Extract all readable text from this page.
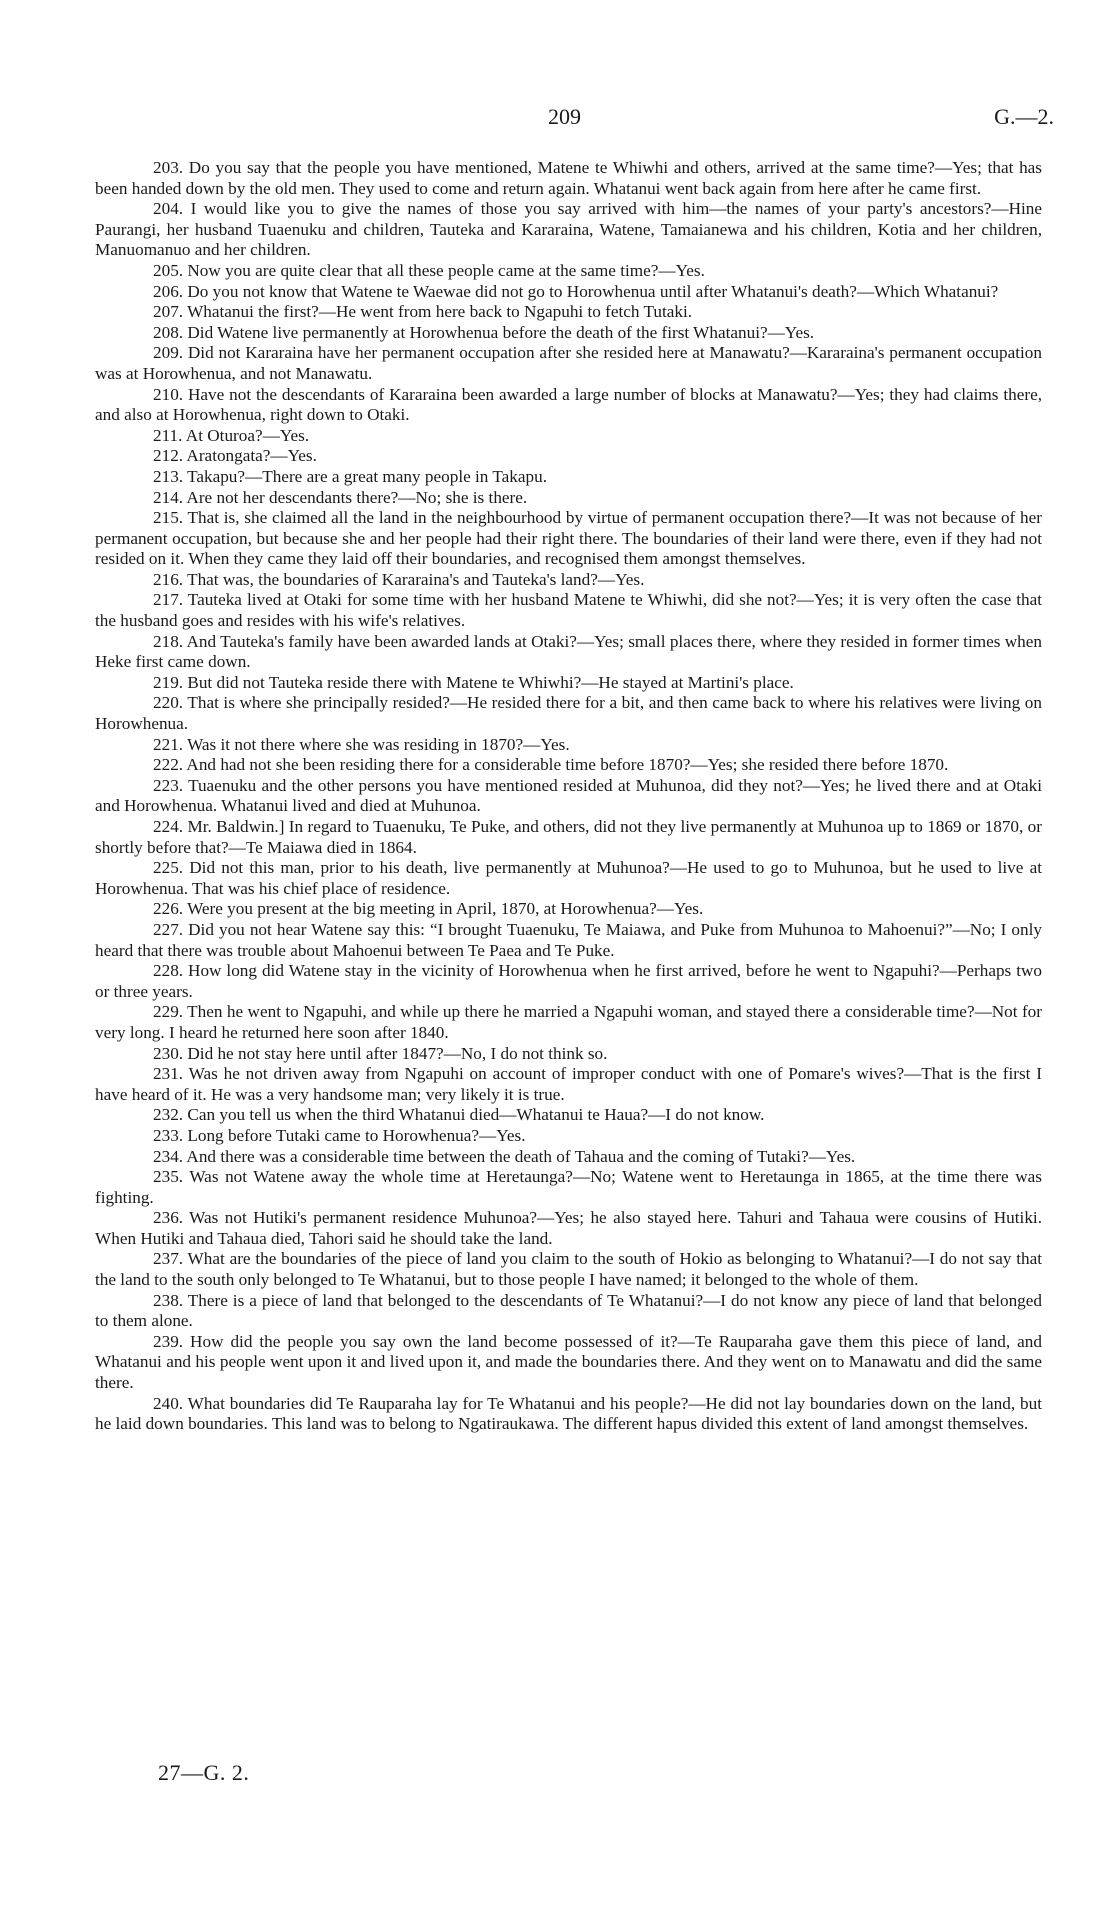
209	G.—2.

203. Do you say that the people you have mentioned, Matene te Whiwhi and others, arrived at the same time?—Yes; that has been handed down by the old men. They used to come and return again. Whatanui went back again from here after he came first.

204. I would like you to give the names of those you say arrived with him—the names of your party's ancestors?—Hine Paurangi, her husband Tuaenuku and children, Tauteka and Kararaina, Watene, Tamaianewa and his children, Kotia and her children, Manuomanuo and her children.

205. Now you are quite clear that all these people came at the same time?—Yes.

206. Do you not know that Watene te Waewae did not go to Horowhenua until after Whatanui's death?—Which Whatanui?

207. Whatanui the first?—He went from here back to Ngapuhi to fetch Tutaki.

208. Did Watene live permanently at Horowhenua before the death of the first Whatanui?—Yes.

209. Did not Kararaina have her permanent occupation after she resided here at Manawatu?—Kararaina's permanent occupation was at Horowhenua, and not Manawatu.

210. Have not the descendants of Kararaina been awarded a large number of blocks at Manawatu?—Yes; they had claims there, and also at Horowhenua, right down to Otaki.

211. At Oturoa?—Yes.

212. Aratongata?—Yes.

213. Takapu?—There are a great many people in Takapu.

214. Are not her descendants there?—No; she is there.

215. That is, she claimed all the land in the neighbourhood by virtue of permanent occupation there?—It was not because of her permanent occupation, but because she and her people had their right there. The boundaries of their land were there, even if they had not resided on it. When they came they laid off their boundaries, and recognised them amongst themselves.

216. That was, the boundaries of Kararaina's and Tauteka's land?—Yes.

217. Tauteka lived at Otaki for some time with her husband Matene te Whiwhi, did she not?—Yes; it is very often the case that the husband goes and resides with his wife's relatives.

218. And Tauteka's family have been awarded lands at Otaki?—Yes; small places there, where they resided in former times when Heke first came down.

219. But did not Tauteka reside there with Matene te Whiwhi?—He stayed at Martini's place.

220. That is where she principally resided?—He resided there for a bit, and then came back to where his relatives were living on Horowhenua.

221. Was it not there where she was residing in 1870?—Yes.

222. And had not she been residing there for a considerable time before 1870?—Yes; she resided there before 1870.

223. Tuaenuku and the other persons you have mentioned resided at Muhunoa, did they not?—Yes; he lived there and at Otaki and Horowhenua. Whatanui lived and died at Muhunoa.

224. Mr. Baldwin.] In regard to Tuaenuku, Te Puke, and others, did not they live permanently at Muhunoa up to 1869 or 1870, or shortly before that?—Te Maiawa died in 1864.

225. Did not this man, prior to his death, live permanently at Muhunoa?—He used to go to Muhunoa, but he used to live at Horowhenua. That was his chief place of residence.

226. Were you present at the big meeting in April, 1870, at Horowhenua?—Yes.

227. Did you not hear Watene say this: “I brought Tuaenuku, Te Maiawa, and Puke from Muhunoa to Mahoenui?”—No; I only heard that there was trouble about Mahoenui between Te Paea and Te Puke.

228. How long did Watene stay in the vicinity of Horowhenua when he first arrived, before he went to Ngapuhi?—Perhaps two or three years.

229. Then he went to Ngapuhi, and while up there he married a Ngapuhi woman, and stayed there a considerable time?—Not for very long. I heard he returned here soon after 1840.

230. Did he not stay here until after 1847?—No, I do not think so.

231. Was he not driven away from Ngapuhi on account of improper conduct with one of Pomare's wives?—That is the first I have heard of it. He was a very handsome man; very likely it is true.

232. Can you tell us when the third Whatanui died—Whatanui te Haua?—I do not know.

233. Long before Tutaki came to Horowhenua?—Yes.

234. And there was a considerable time between the death of Tahaua and the coming of Tutaki?—Yes.

235. Was not Watene away the whole time at Heretaunga?—No; Watene went to Heretaunga in 1865, at the time there was fighting.

236. Was not Hutiki's permanent residence Muhunoa?—Yes; he also stayed here. Tahuri and Tahaua were cousins of Hutiki. When Hutiki and Tahaua died, Tahori said he should take the land.

237. What are the boundaries of the piece of land you claim to the south of Hokio as belonging to Whatanui?—I do not say that the land to the south only belonged to Te Whatanui, but to those people I have named; it belonged to the whole of them.

238. There is a piece of land that belonged to the descendants of Te Whatanui?—I do not know any piece of land that belonged to them alone.

239. How did the people you say own the land become possessed of it?—Te Rauparaha gave them this piece of land, and Whatanui and his people went upon it and lived upon it, and made the boundaries there. And they went on to Manawatu and did the same there.

240. What boundaries did Te Rauparaha lay for Te Whatanui and his people?—He did not lay boundaries down on the land, but he laid down boundaries. This land was to belong to Ngatiraukawa. The different hapus divided this extent of land amongst themselves.

27—G. 2.
